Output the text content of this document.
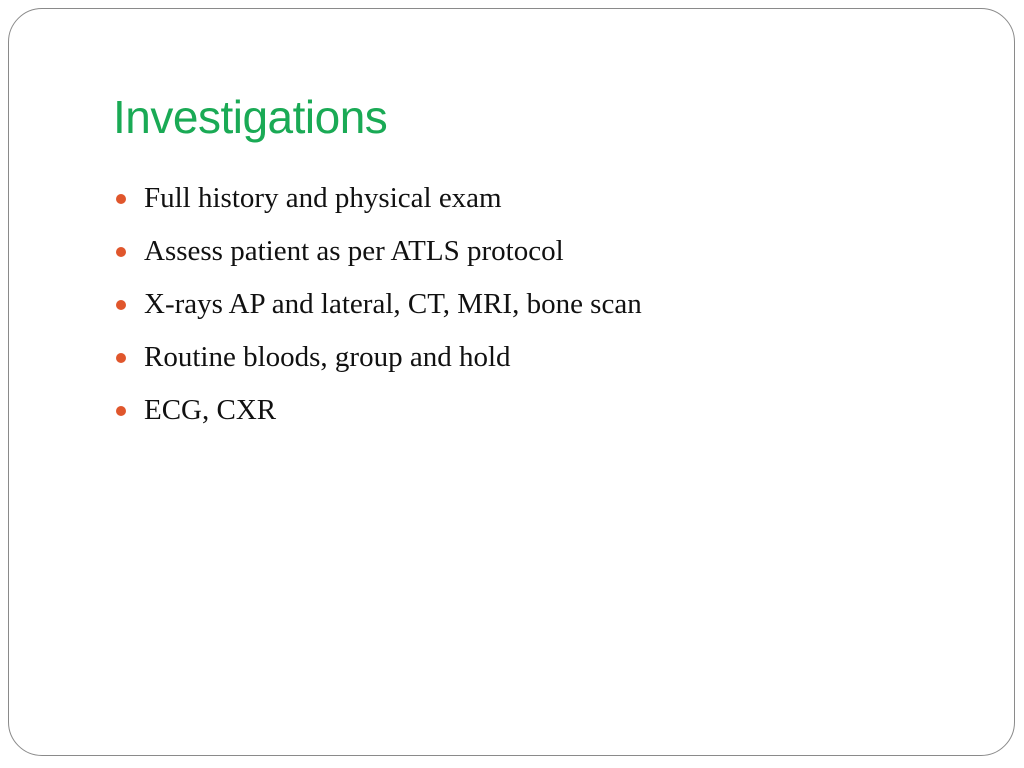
Investigations
Full history and physical exam
Assess patient as per ATLS protocol
X-rays AP and lateral, CT, MRI, bone scan
Routine bloods, group and hold
ECG, CXR
